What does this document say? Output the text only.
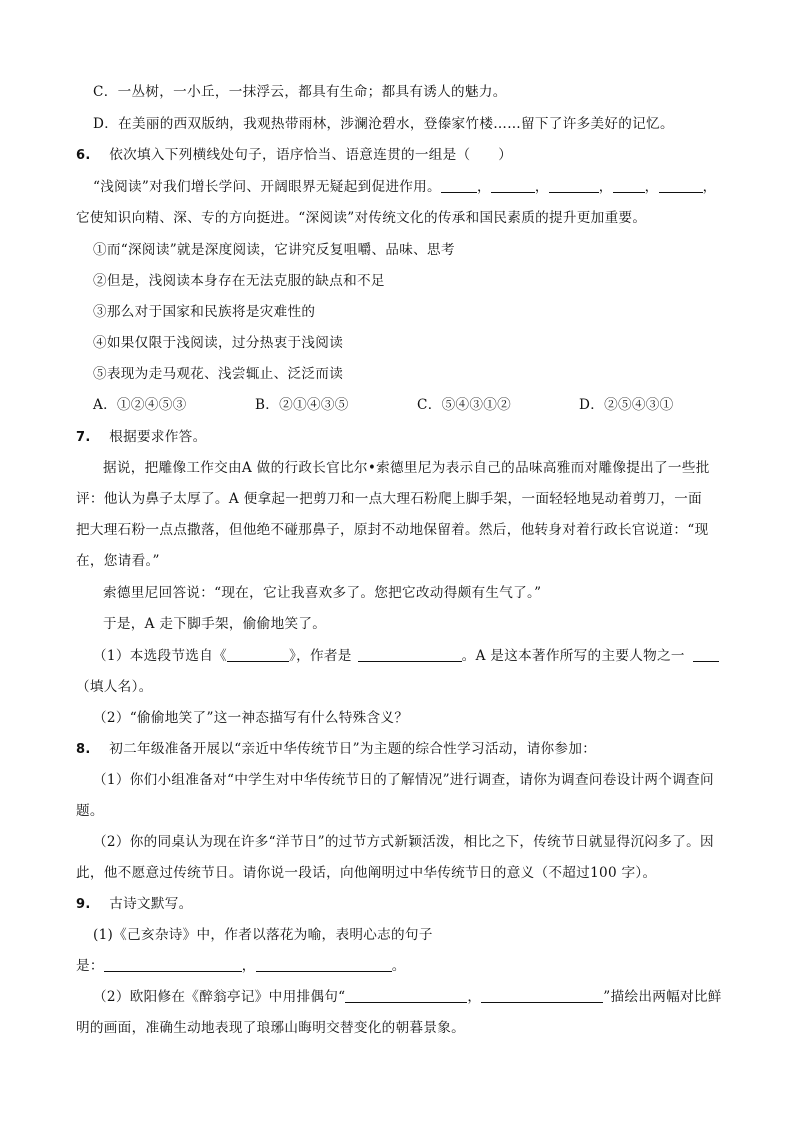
C．一丛树，一小丘，一抹浮云，都具有生命；都具有诱人的魅力。
D．在美丽的西双版纳，我观热带雨林，涉澜沧碧水，登傣家竹楼……留下了许多美好的记忆。
6. 依次填入下列横线处句子，语序恰当、语意连贯的一组是（　　）
“浅阅读”对我们增长学问、开阔眼界无疑起到促进作用。	，	，	， ，	，
它使知识向精、深、专的方向挺进。“深阅读”对传统文化的传承和国民素质的提升更加重要。
①而“深阅读”就是深度阅读，它讲究反复咀嚼、品味、思考
②但是，浅阅读本身存在无法克服的缺点和不足
③那么对于国家和民族将是灾难性的
④如果仅限于浅阅读，过分热衷于浅阅读
⑤表现为走马观花、浅尝辄止、泛泛而读
A．①②④⑤③	B．②①④③⑤	C．⑤④③①②	D．②⑤④③①
7. 根据要求作答。
据说，把雕像工作交由A 做的行政长官比尔•索德里尼为表示自己的品味高雅而对雕像提出了一些批
评：他认为鼻子太厚了。A 便拿起一把剪刀和一点大理石粉爬上脚手架，一面轻轻地晃动着剪刀，一面
把大理石粉一点点撒落，但他绝不碰那鼻子，原封不动地保留着。然后，他转身对着行政长官说道：“现
在，您请看。”
索德里尼回答说：“现在，它让我喜欢多了。您把它改动得颇有生气了。”
于是，A 走下脚手架，偷偷地笑了。
（1）本选段节选自《	》，作者是	。A 是这本著作所写的主要人物之一
（填人名）。
（2）“偷偷地笑了”这一神态描写有什么特殊含义？
8. 初二年级准备开展以“亲近中华传统节日”为主题的综合性学习活动，请你参加：
（1）你们小组准备对“中学生对中华传统节日的了解情况”进行调查，请你为调查问卷设计两个调查问
题。
（2）你的同桌认为现在许多“洋节日”的过节方式新颖活泼，相比之下，传统节日就显得沉闷多了。因
此，他不愿意过传统节日。请你说一段话，向他阐明过中华传统节日的意义（不超过100 字）。
9. 古诗文默写。
(1)《己亥杂诗》中，作者以落花为喻，表明心志的句子
是：	，	。
（2）欧阳修在《醉翁亭记》中用排偶句“	，	”描绘出两幅对比鲜
明的画面，准确生动地表现了琅琊山晦明交替变化的朝暮景象。
